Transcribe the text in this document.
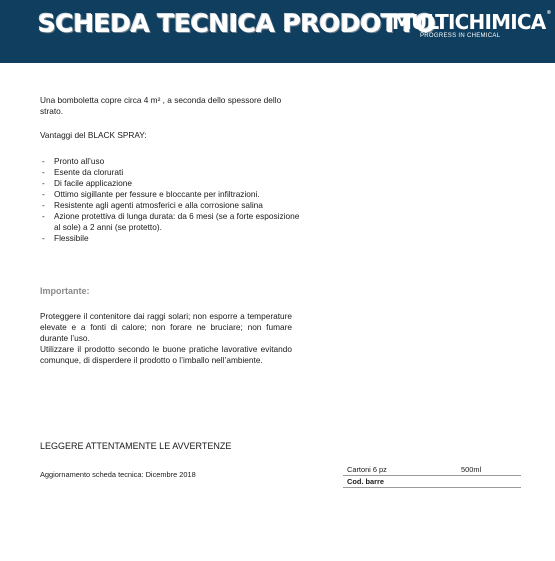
SCHEDA TECNICA PRODOTTO
MULTICHIMICA®
PROGRESS IN CHEMICAL

Una bomboletta copre circa 4 m² , a seconda dello spessore dello strato.

Vantaggi del BLACK SPRAY:
- Pronto all’uso
- Esente da clorurati
- Di facile applicazione
- Ottimo sigillante per fessure e bloccante per infiltrazioni.
- Resistente agli agenti atmosferici e alla corrosione salina
- Azione protettiva di lunga durata: da 6 mesi (se a forte esposizione al sole) a 2 anni (se protetto).
- Flessibile
Importante:

Proteggere il contenitore dai raggi solari; non esporre a temperature elevate e a fonti di calore; non forare ne bruciare; non fumare durante l’uso.

Utilizzare il prodotto secondo le buone pratiche lavorative evitando comunque, di disperdere il prodotto o l’imballo nell’ambiente.

LEGGERE ATTENTAMENTE LE AVVERTENZE
Aggiornamento scheda tecnica: Dicembre 2018
Cartoni 6 pz	500ml
Cod. barre
